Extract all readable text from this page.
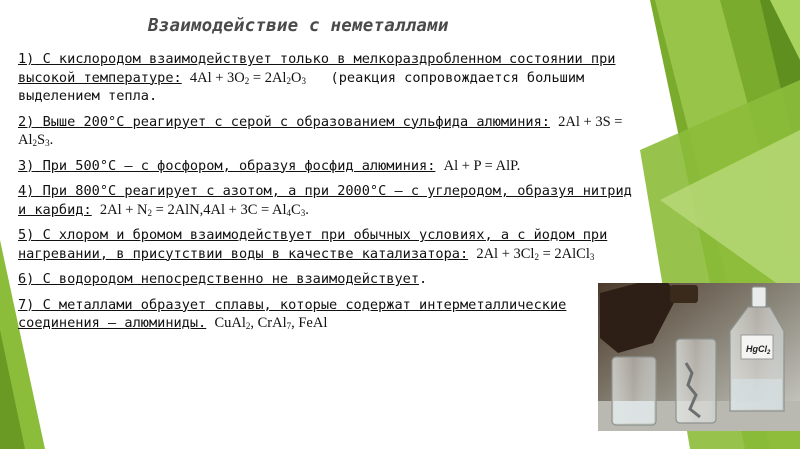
Взаимодействие с неметаллами
1) С кислородом взаимодействует только в мелкораздробленном состоянии при высокой температуре: $4Al + 3O_2 = 2Al_2O_3$ (реакция сопровождается большим выделением тепла.
2) Выше 200°С реагирует с серой с образованием сульфида алюминия: $2Al + 3S = Al_2S_3$.
3) При 500°С – с фосфором, образуя фосфид алюминия: Al + P = AlP.
4) При 800°С реагирует с азотом, а при 2000°С – с углеродом, образуя нитрид и карбид: $2Al + N_2 = 2AlN,4Al + 3C = Al_4C_3$.
5) С хлором и бромом взаимодействует при обычных условиях, а с йодом при нагревании, в присутствии воды в качестве катализатора: $2Al + 3Cl_2$ = 2AlCl$_3$
6) С водородом непосредственно не взаимодействует.
7) С металлами образует сплавы, которые содержат интерметаллические соединения – алюминиды. CuAl$_2$, CrAl$_7$, FeAl
HgCl$_2$
